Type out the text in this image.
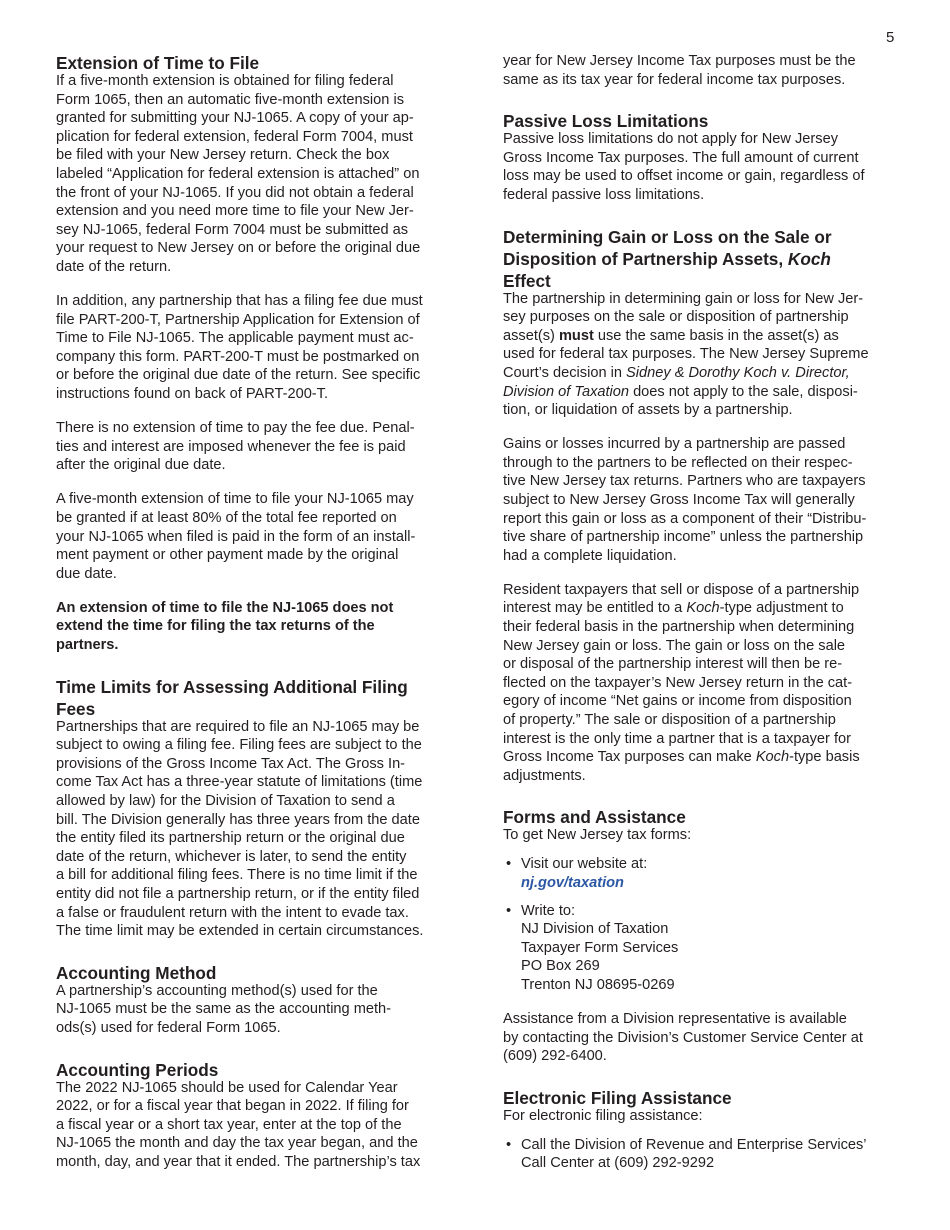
5
Extension of Time to File
If a five-month extension is obtained for filing federal
Form 1065, then an automatic five-month extension is
granted for submitting your NJ-1065. A copy of your ap-
plication for federal extension, federal Form 7004, must
be filed with your New Jersey return. Check the box
labeled “Application for federal extension is attached” on
the front of your NJ-1065. If you did not obtain a federal
extension and you need more time to file your New Jer-
sey NJ-1065, federal Form 7004 must be submitted as
your request to New Jersey on or before the original due
date of the return.
In addition, any partnership that has a filing fee due must
file PART-200-T, Partnership Application for Extension of
Time to File NJ-1065. The applicable payment must ac-
company this form. PART-200-T must be postmarked on
or before the original due date of the return. See specific
instructions found on back of PART-200-T.
There is no extension of time to pay the fee due. Penal-
ties and interest are imposed whenever the fee is paid
after the original due date.
A five-month extension of time to file your NJ-1065 may
be granted if at least 80% of the total fee reported on
your NJ-1065 when filed is paid in the form of an install-
ment payment or other payment made by the original
due date.
An extension of time to file the NJ-1065 does not
extend the time for filing the tax returns of the
partners.
Time Limits for Assessing Additional Filing
Fees
Partnerships that are required to file an NJ-1065 may be
subject to owing a filing fee. Filing fees are subject to the
provisions of the Gross Income Tax Act. The Gross In-
come Tax Act has a three-year statute of limitations (time
allowed by law) for the Division of Taxation to send a
bill. The Division generally has three years from the date
the entity filed its partnership return or the original due
date of the return, whichever is later, to send the entity
a bill for additional filing fees. There is no time limit if the
entity did not file a partnership return, or if the entity filed
a false or fraudulent return with the intent to evade tax.
The time limit may be extended in certain circumstances.
Accounting Method
A partnership’s accounting method(s) used for the
NJ-1065 must be the same as the accounting meth-
ods(s) used for federal Form 1065.
Accounting Periods
The 2022 NJ-1065 should be used for Calendar Year
2022, or for a fiscal year that began in 2022. If filing for
a fiscal year or a short tax year, enter at the top of the
NJ-1065 the month and day the tax year began, and the
month, day, and year that it ended. The partnership’s tax
year for New Jersey Income Tax purposes must be the
same as its tax year for federal income tax purposes.
Passive Loss Limitations
Passive loss limitations do not apply for New Jersey
Gross Income Tax purposes. The full amount of current
loss may be used to offset income or gain, regardless of
federal passive loss limitations.
Determining Gain or Loss on the Sale or
Disposition of Partnership Assets, Koch
Effect
The partnership in determining gain or loss for New Jer-
sey purposes on the sale or disposition of partnership
asset(s) must use the same basis in the asset(s) as
used for federal tax purposes. The New Jersey Supreme
Court’s decision in Sidney & Dorothy Koch v. Director,
Division of Taxation does not apply to the sale, disposi-
tion, or liquidation of assets by a partnership.
Gains or losses incurred by a partnership are passed
through to the partners to be reflected on their respec-
tive New Jersey tax returns. Partners who are taxpayers
subject to New Jersey Gross Income Tax will generally
report this gain or loss as a component of their “Distribu-
tive share of partnership income” unless the partnership
had a complete liquidation.
Resident taxpayers that sell or dispose of a partnership
interest may be entitled to a Koch-type adjustment to
their federal basis in the partnership when determining
New Jersey gain or loss. The gain or loss on the sale
or disposal of the partnership interest will then be re-
flected on the taxpayer’s New Jersey return in the cat-
egory of income “Net gains or income from disposition
of property.” The sale or disposition of a partnership
interest is the only time a partner that is a taxpayer for
Gross Income Tax purposes can make Koch-type basis
adjustments.
Forms and Assistance
To get New Jersey tax forms:
• Visit our website at:
nj.gov/taxation
• Write to:
NJ Division of Taxation
Taxpayer Form Services
PO Box 269
Trenton NJ 08695-0269
Assistance from a Division representative is available
by contacting the Division’s Customer Service Center at
(609) 292-6400.
Electronic Filing Assistance
For electronic filing assistance:
• Call the Division of Revenue and Enterprise Services’
Call Center at (609) 292-9292
